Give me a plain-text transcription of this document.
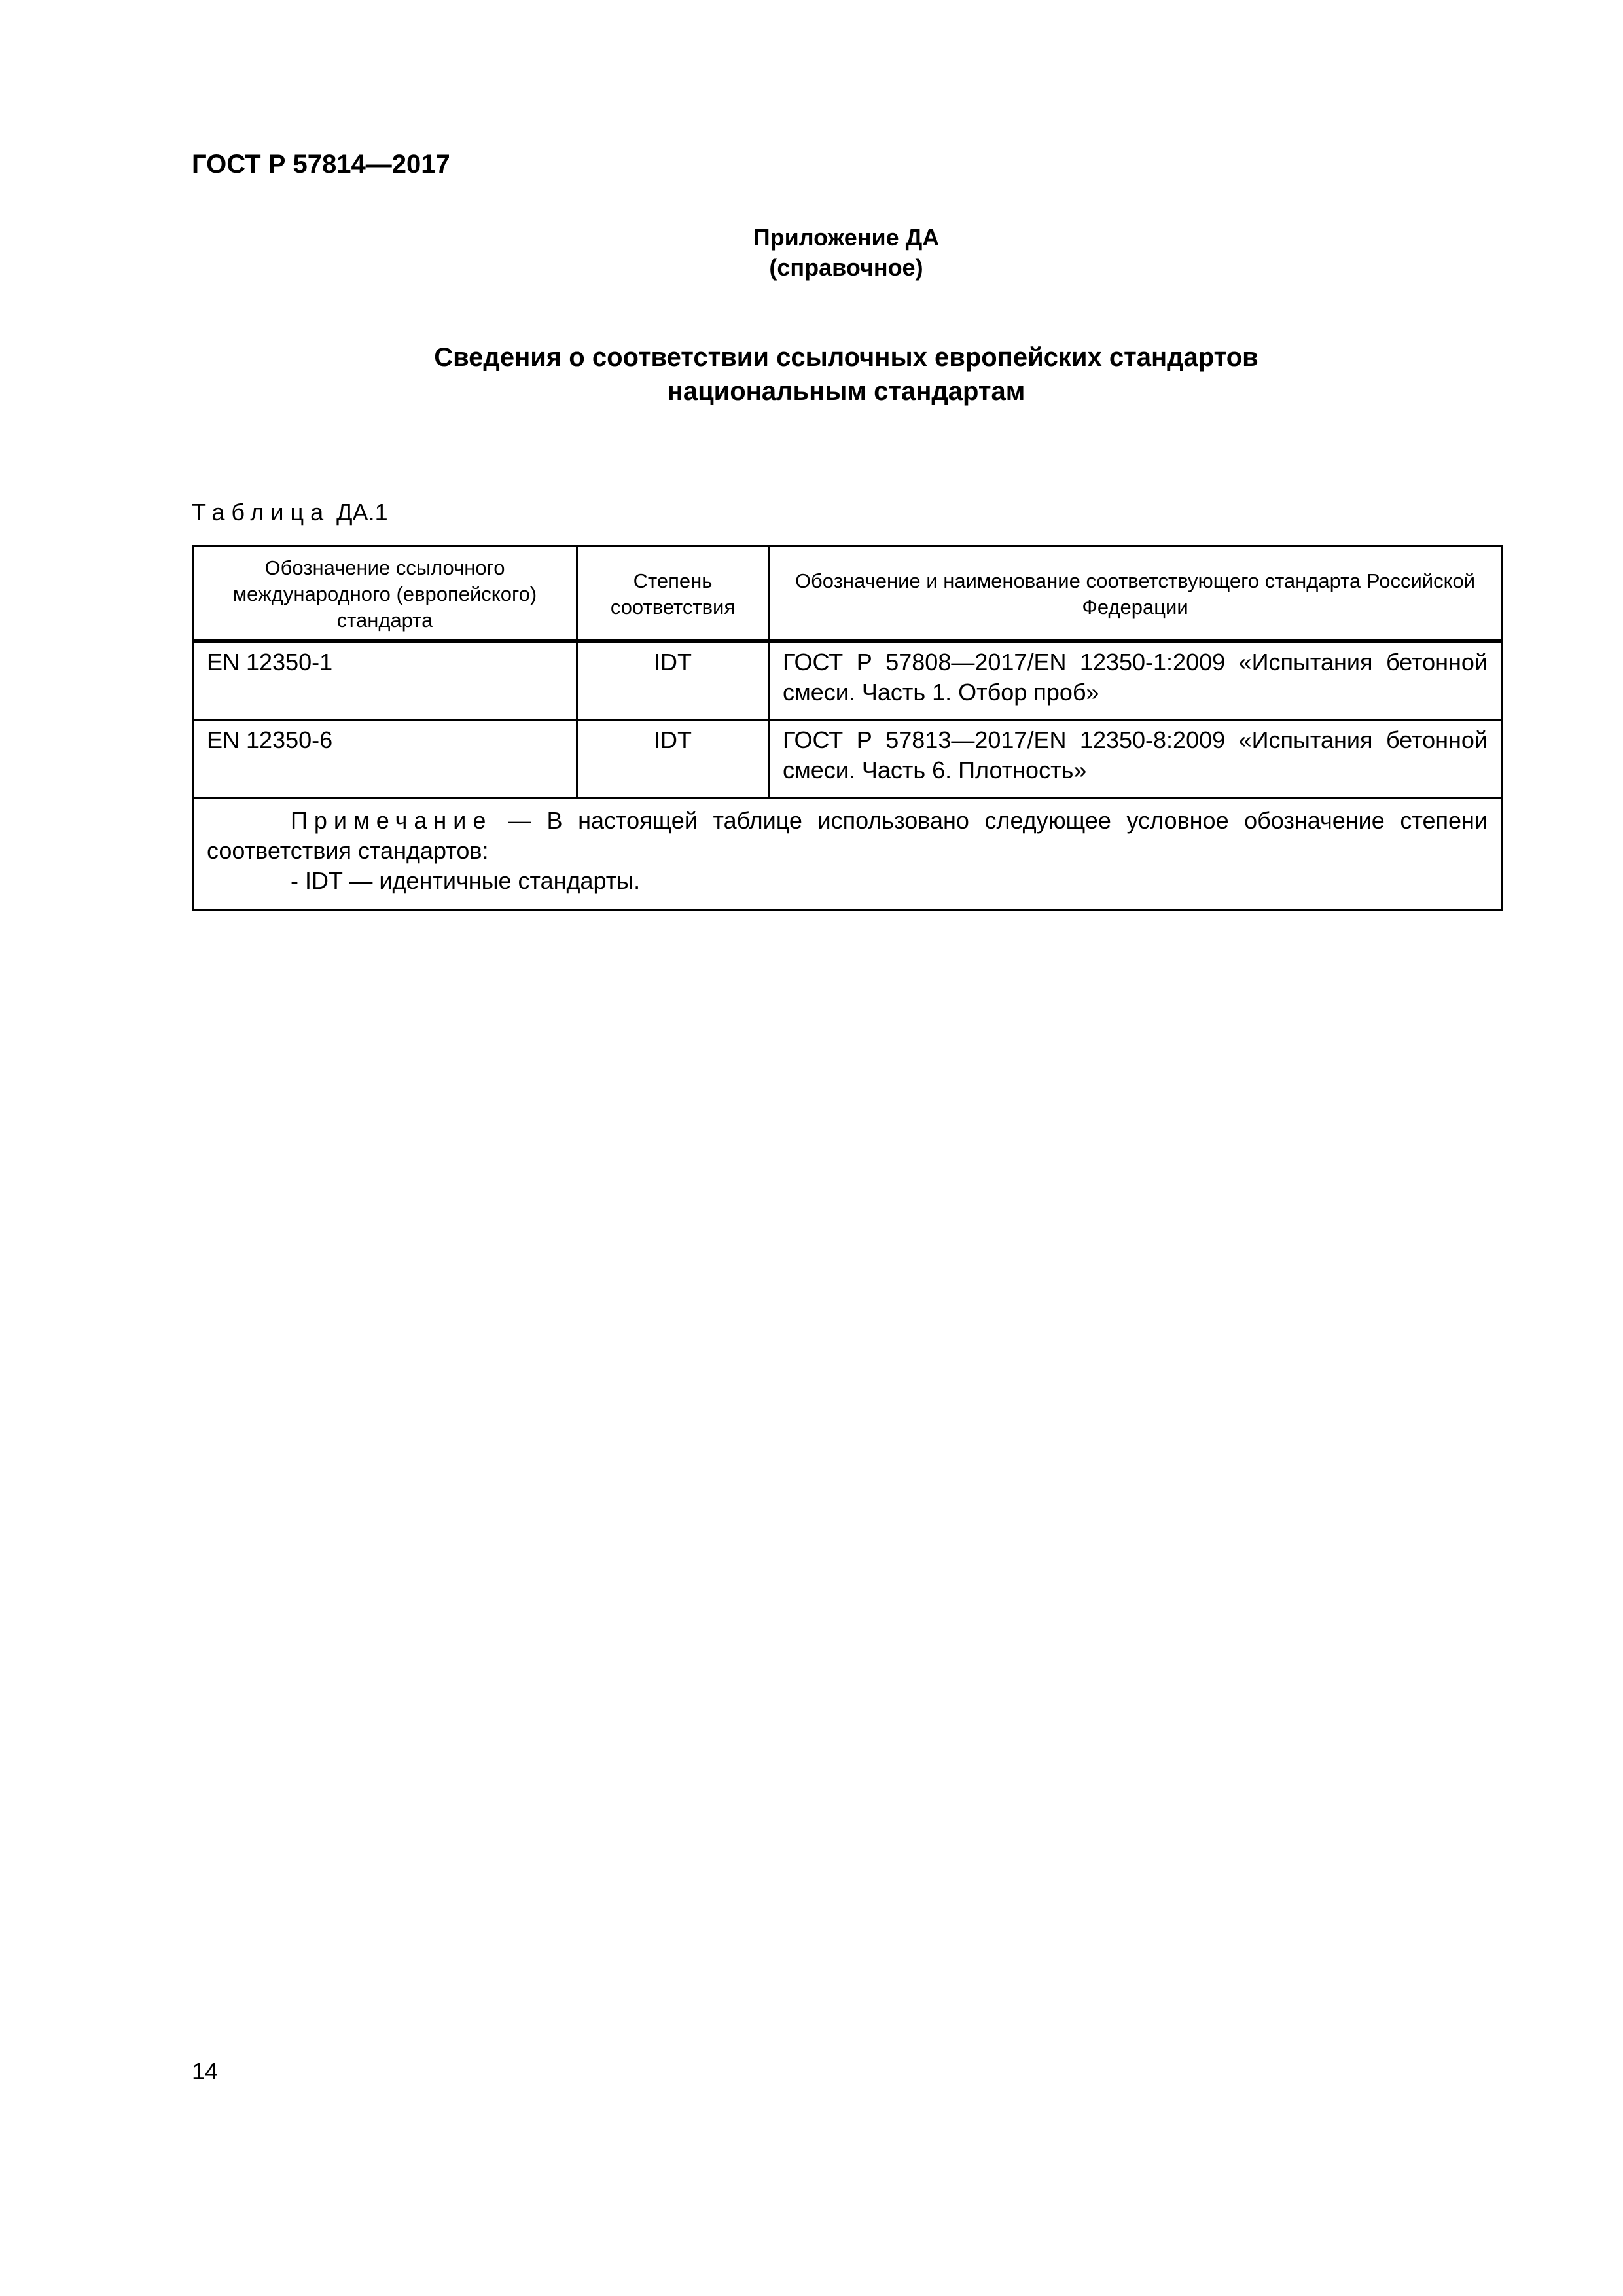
ГОСТ Р 57814—2017
Приложение ДА
(справочное)
Сведения о соответствии ссылочных европейских стандартов
национальным стандартам
Таблица ДА.1
Обозначение ссылочного международного (европейского) стандарта	Степень соответствия	Обозначение и наименование соответствующего стандарта Российской Федерации
EN 12350-1	IDT	ГОСТ Р 57808—2017/EN 12350-1:2009 «Испытания бетонной смеси. Часть 1. Отбор проб»
EN 12350-6	IDT	ГОСТ Р 57813—2017/EN 12350-8:2009 «Испытания бетонной смеси. Часть 6. Плотность»

Примечание — В настоящей таблице использовано следующее условное обозначение степени соответствия стандартов:
- IDT — идентичные стандарты.		
14
